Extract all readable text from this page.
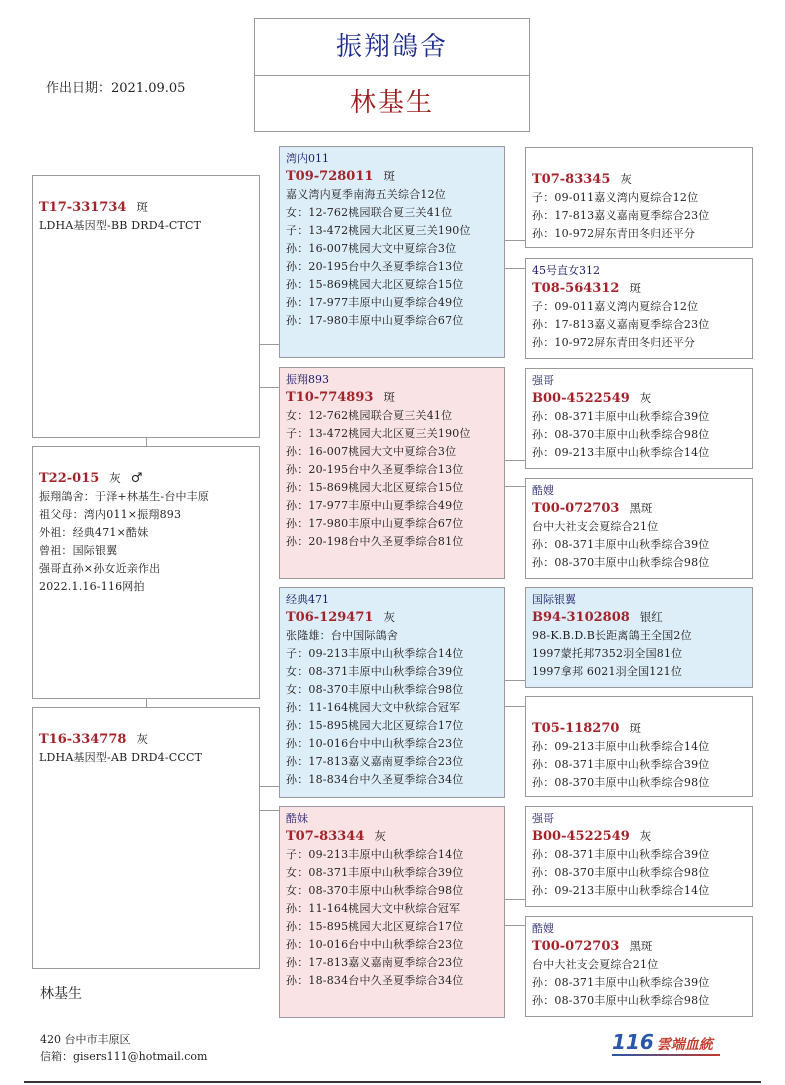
振翔鴿舍
林基生
作出日期：2021.09.05
T17-331734 斑
LDHA基因型-BB DRD4-CTCT
T22-015 灰 ♂
振翔鴿舍：于泽+林基生-台中丰原
祖父母：湾内011×振翔893
外祖：经典471×酷妹
曾祖：国际银翼
强哥直孙×孙女近亲作出
2022.1.16-116网拍
T16-334778 灰
LDHA基因型-AB DRD4-CCCT
湾内011
T09-728011 斑
嘉义湾内夏季南海五关综合12位
女：12-762桃园联合夏三关41位
子：13-472桃园大北区夏三关190位
孙：16-007桃园大文中夏综合3位
孙：20-195台中久圣夏季综合13位
孙：15-869桃园大北区夏综合15位
孙：17-977丰原中山夏季综合49位
孙：17-980丰原中山夏季综合67位
振翔893
T10-774893 斑
女：12-762桃园联合夏三关41位
子：13-472桃园大北区夏三关190位
孙：16-007桃园大文中夏综合3位
孙：20-195台中久圣夏季综合13位
孙：15-869桃园大北区夏综合15位
孙：17-977丰原中山夏季综合49位
孙：17-980丰原中山夏季综合67位
孙：20-198台中久圣夏季综合81位
经典471
T06-129471 灰
张隆雄：台中国际鴿舍
子：09-213丰原中山秋季综合14位
女：08-371丰原中山秋季综合39位
女：08-370丰原中山秋季综合98位
孙：11-164桃园大文中秋综合冠军
孙：15-895桃园大北区夏综合17位
孙：10-016台中中山秋季综合23位
孙：17-813嘉义嘉南夏季综合23位
孙：18-834台中久圣夏季综合34位
酷妹
T07-83344 灰
子：09-213丰原中山秋季综合14位
女：08-371丰原中山秋季综合39位
女：08-370丰原中山秋季综合98位
孙：11-164桃园大文中秋综合冠军
孙：15-895桃园大北区夏综合17位
孙：10-016台中中山秋季综合23位
孙：17-813嘉义嘉南夏季综合23位
孙：18-834台中久圣夏季综合34位
T07-83345 灰
子：09-011嘉义湾内夏综合12位
孙：17-813嘉义嘉南夏季综合23位
孙：10-972屏东青田冬归还平分
45号直女312
T08-564312 斑
子：09-011嘉义湾内夏综合12位
孙：17-813嘉义嘉南夏季综合23位
孙：10-972屏东青田冬归还平分
强哥
B00-4522549 灰
孙：08-371丰原中山秋季综合39位
孙：08-370丰原中山秋季综合98位
孙：09-213丰原中山秋季综合14位
酷嫂
T00-072703 黑斑
台中大社支会夏综合21位
孙：08-371丰原中山秋季综合39位
孙：08-370丰原中山秋季综合98位
国际银翼
B94-3102808 银红
98-K.B.D.B长距离鴿王全国2位
1997蒙托邦7352羽全国81位
1997拿邦 6021羽全国121位
T05-118270 斑
孙：09-213丰原中山秋季综合14位
孙：08-371丰原中山秋季综合39位
孙：08-370丰原中山秋季综合98位
强哥
B00-4522549 灰
孙：08-371丰原中山秋季综合39位
孙：08-370丰原中山秋季综合98位
孙：09-213丰原中山秋季综合14位
酷嫂
T00-072703 黑斑
台中大社支会夏综合21位
孙：08-371丰原中山秋季综合39位
孙：08-370丰原中山秋季综合98位
林基生
420 台中市丰原区
信箱：gisers111@hotmail.com
116 雲端血統
